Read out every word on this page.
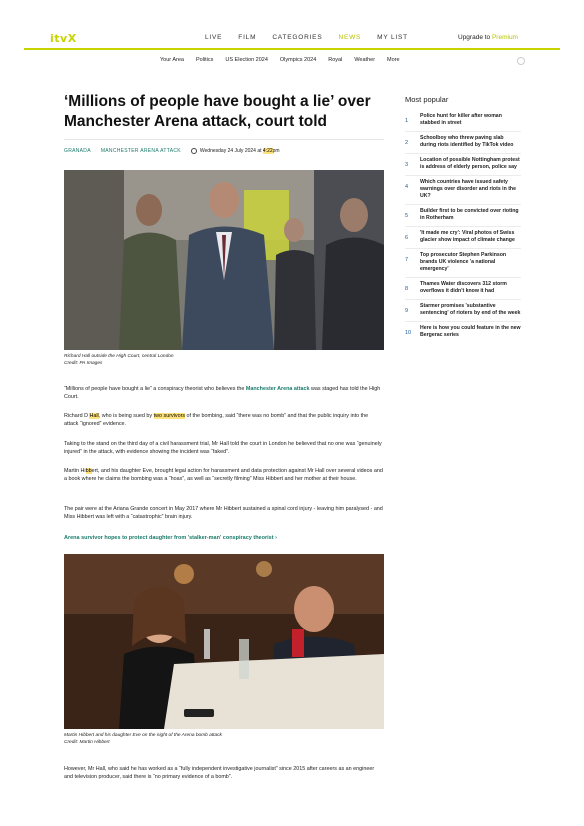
itvX	LIVE FILM CATEGORIES NEWS MY LIST	Upgrade to Premium
Your Area Politics US Election 2024 Olympics 2024 Royal Weather More
‘Millions of people have bought a lie’ over Manchester Arena attack, court told
GRANADA MANCHESTER ARENA ATTACK	Wednesday 24 July 2024 at 4:22pm
Richard Hall outside the High Court, central London
Credit: PA Images

“Millions of people have bought a lie” a conspiracy theorist who believes the Manchester Arena attack was staged has told the High Court.

Richard D Hall, who is being sued by two survivors of the bombing, said “there was no bomb” and that the public inquiry into the attack “ignored” evidence.

Taking to the stand on the third day of a civil harassment trial, Mr Hall told the court in London he believed that no one was “genuinely injured” in the attack, with evidence showing the incident was “faked”.

Martin Hibbert, and his daughter Eve, brought legal action for harassment and data protection against Mr Hall over several videos and a book where he claims the bombing was a “hoax”, as well as “secretly filming” Miss Hibbert and her mother at their house.

The pair were at the Ariana Grande concert in May 2017 where Mr Hibbert sustained a spinal cord injury - leaving him paralysed - and Miss Hibbert was left with a “catastrophic” brain injury.

Arena survivor hopes to protect daughter from 'stalker-man' conspiracy theorist ›
Martin Hibbert and his daughter Eve on the night of the Arena bomb attack
Credit: Martin Hibbert

However, Mr Hall, who said he has worked as a “fully independent investigative journalist” since 2015 after careers as an engineer and television producer, said there is “no primary evidence of a bomb”.

Most popular
1
Police hunt for killer after woman stabbed in street
2
Schoolboy who threw paving slab during riots identified by TikTok video
3
Location of possible Nottingham protest is address of elderly person, police say
4
Which countries have issued safety warnings over disorder and riots in the UK?
5
Builder first to be convicted over rioting in Rotherham
6
'It made me cry': Viral photos of Swiss glacier show impact of climate change
7
Top prosecutor Stephen Parkinson brands UK violence 'a national emergency'
8
Thames Water discovers 312 storm overflows it didn't know it had
9
Starmer promises 'substantive sentencing' of rioters by end of the week
10
Here is how you could feature in the new Bergerac series
